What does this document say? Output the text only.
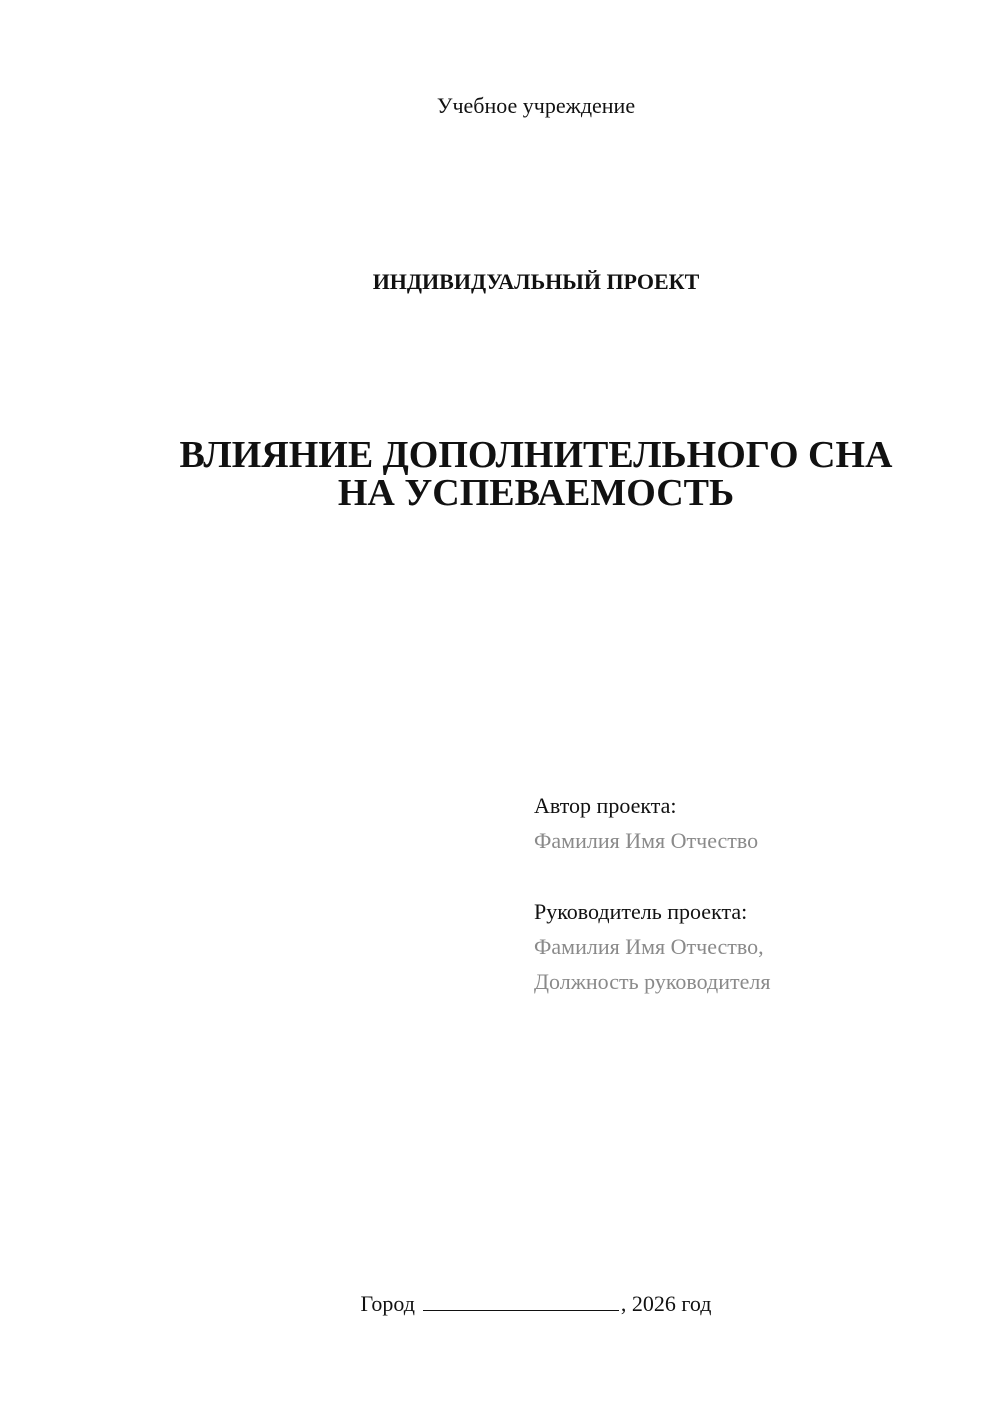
Учебное учреждение
ИНДИВИДУАЛЬНЫЙ ПРОЕКТ
ВЛИЯНИЕ ДОПОЛНИТЕЛЬНОГО СНА
НА УСПЕВАЕМОСТЬ
Автор проекта:
Фамилия Имя Отчество
Руководитель проекта:
Фамилия Имя Отчество,
Должность руководителя
Город	, 2026 год
